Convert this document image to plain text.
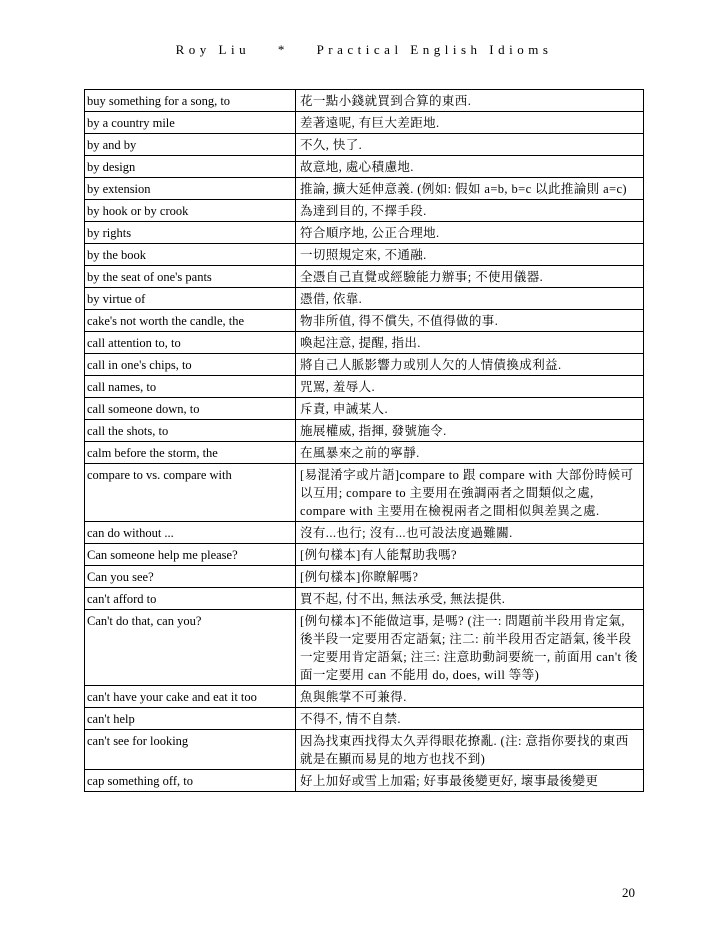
Roy Liu * Practical English Idioms
buy something for a song, to	花一點小錢就買到合算的東西.
by a country mile	差著遠呢, 有巨大差距地.
by and by	不久, 快了.
by design	故意地, 處心積慮地.
by extension	推論, 擴大延伸意義. (例如: 假如 a=b, b=c 以此推論則 a=c)
by hook or by crook	為達到目的, 不擇手段.
by rights	符合順序地, 公正合理地.
by the book	一切照規定來, 不通融.
by the seat of one's pants	全憑自己直覺或經驗能力辦事; 不使用儀器.
by virtue of	憑借, 依靠.
cake's not worth the candle, the	物非所值, 得不償失, 不值得做的事.
call attention to, to	喚起注意, 提醒, 指出.
call in one's chips, to	將自己人脈影響力或別人欠的人情債換成利益.
call names, to	咒罵, 羞辱人.
call someone down, to	斥責, 申誡某人.
call the shots, to	施展權威, 指揮, 發號施令.
calm before the storm, the	在風暴來之前的寧靜.
compare to vs. compare with	[易混淆字或片語]compare to 跟 compare with 大部份時候可以互用; compare to 主要用在強調兩者之間類似之處, compare with 主要用在檢視兩者之間相似與差異之處.
can do without ...	沒有...也行; 沒有...也可設法度過難關.
Can someone help me please?	[例句樣本]有人能幫助我嗎?
Can you see?	[例句樣本]你瞭解嗎?
can't afford to	買不起, 付不出, 無法承受, 無法提供.
Can't do that, can you?	[例句樣本]不能做這事, 是嗎? (注一: 問題前半段用肯定氣, 後半段一定要用否定語氣; 注二: 前半段用否定語氣, 後半段一定要用肯定語氣; 注三: 注意助動詞要統一, 前面用 can't 後面一定要用 can 不能用 do, does, will 等等)
can't have your cake and eat it too	魚與熊掌不可兼得.
can't help	不得不, 情不自禁.
can't see for looking	因為找東西找得太久弄得眼花撩亂. (注: 意指你要找的東西就是在顯而易見的地方也找不到)
cap something off, to	好上加好或雪上加霜; 好事最後變更好, 壞事最後變更
20
